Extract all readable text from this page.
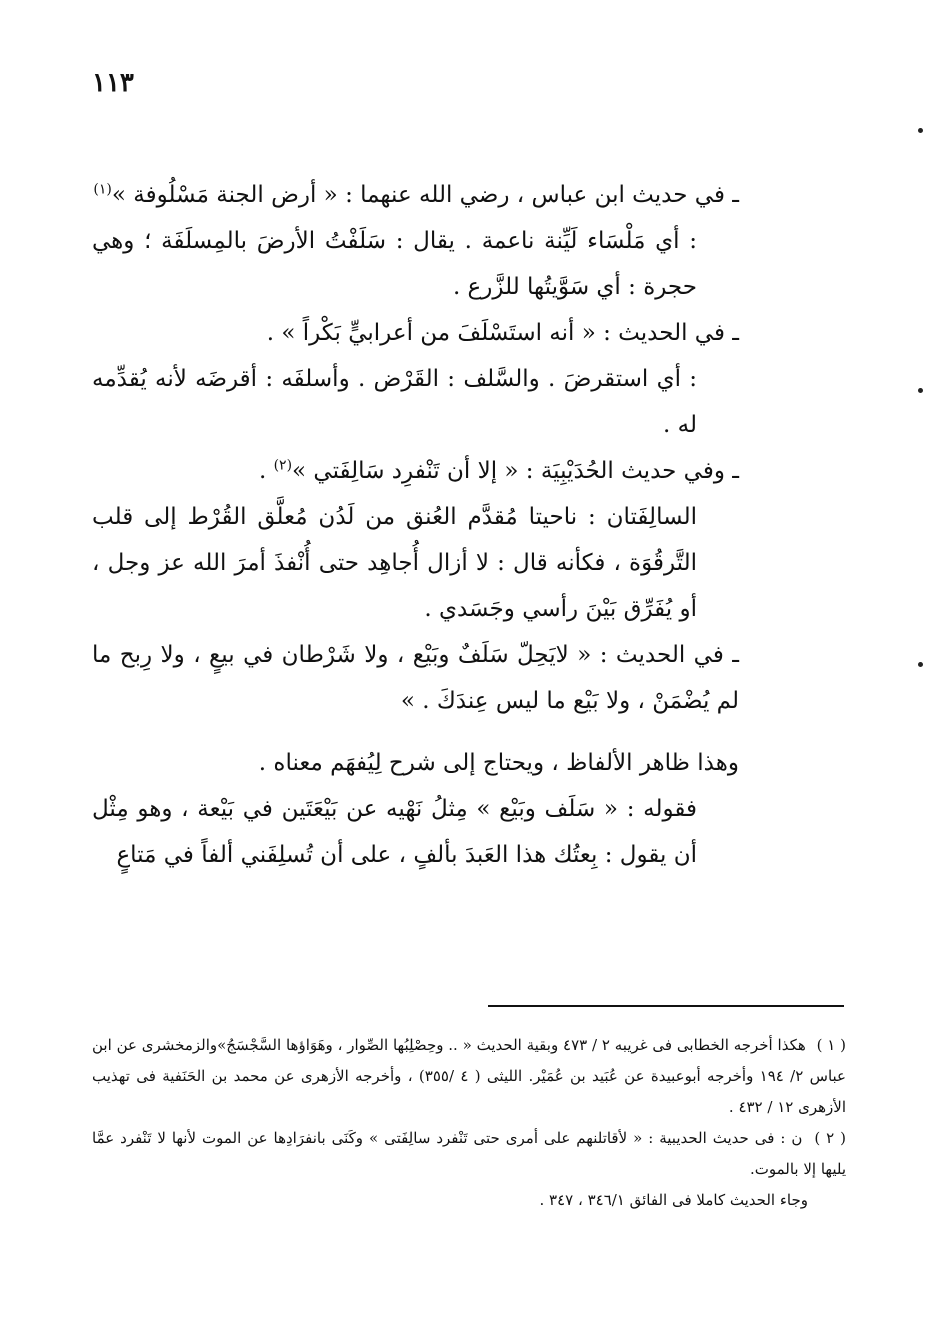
١١٣

ـ في حديث ابن عباس ، رضي الله عنهما : « أرض الجنة مَسْلُوفة »$^{(١)}$

: أي مَلْسَاء لَيِّنة ناعمة . يقال : سَلَفْتُ الأرضَ بالمِسلَفَة ؛ وهي حجرة : أي سَوَّيتُها للزَّرع .

ـ في الحديث : « أنه استَسْلَفَ من أعرابيٍّ بَكْراً » .

: أي استقرضَ . والسَّلف : القَرْض . وأسلفَه : أقرضَه لأنه يُقدِّمه له .

ـ وفي حديث الحُدَيْبِيَة : « إلا أن تَنْفرِد سَالِفَتي »$^{(٢)}$ .

السالِفَتان : ناحيتا مُقدَّم العُنق من لَدُن مُعلَّق القُرْط إلى قلب التَّرقُوَة ، فكأنه قال : لا أزال أُجاهِد حتى أُنْفذَ أمرَ الله عز وجل ، أو يُفَرِّق بَيْنَ رأسي وجَسَدي .

ـ في الحديث : « لايَحِلّ سَلَفٌ وبَيْع ، ولا شَرْطان في بيعٍ ، ولا رِبح ما لم يُضْمَنْ ، ولا بَيْع ما ليس عِندَكَ . »

وهذا ظاهر الألفاظ ، ويحتاج إلى شرح لِيُفهَم معناه .

فقوله : « سَلَف وبَيْع » مِثلُ نَهْيه عن بَيْعَتَين في بَيْعة ، وهو مِثْل أن يقول : بِعتُك هذا العَبدَ بألفٍ ، على أن تُسلِفَني ألفاً في مَتاعٍ

( ١ ) هكذا أخرجه الخطابى فى غريبه ٢ / ٤٧٣ وبقية الحديث « .. وحِصْلِبُها الصِّوار ، وهَوَاؤها السَّجْسَجُ»والزمخشرى عن ابن عباس ٢/ ١٩٤ وأخرجه أبوعبيدة عن عُبَيد بن عُمَيْر. الليثى ( ٤ /٣٥٥) ، وأخرجه الأزهرى عن محمد بن الحَنَفية فى تهذيب الأزهرى ١٢ / ٤٣٢ .

( ٢ ) ن : فى حديث الحديبية : « لأقاتلنهم على أمرى حتى تَنْفرد سالِفَتى » وكَنَى بانفرَادِها عن الموت لأنها لا تَنْفرد عمَّا يليها إلا بالموت.

وجاء الحديث كاملا فى الفائق ٣٤٦/١ ، ٣٤٧ .
